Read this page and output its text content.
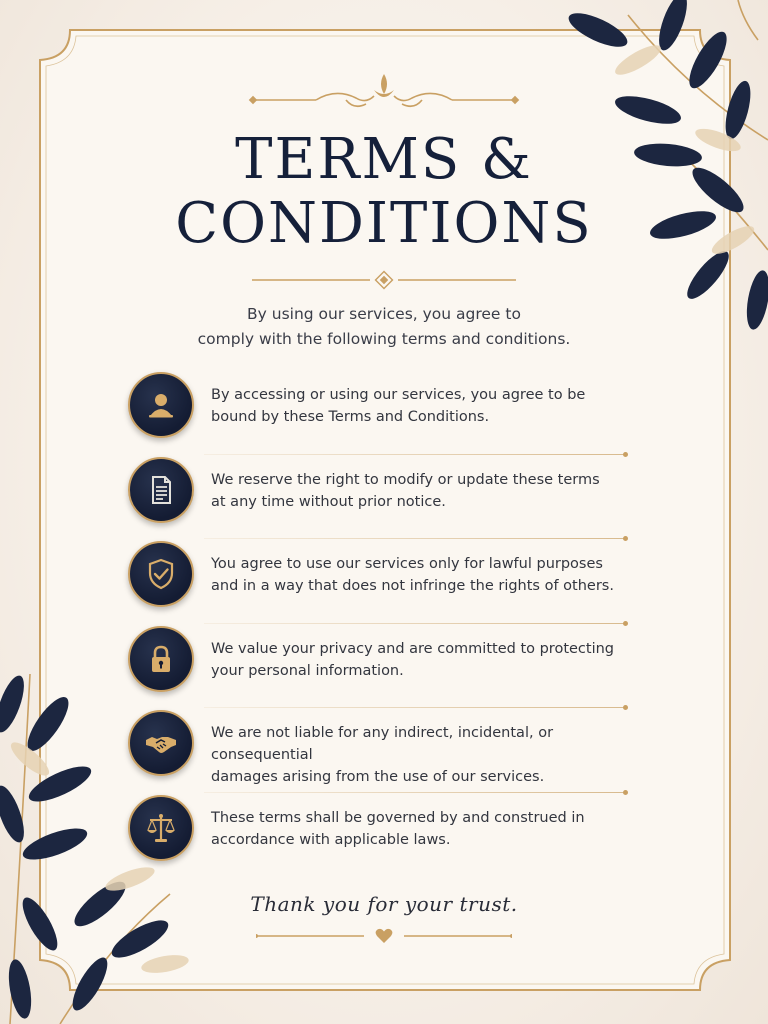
TERMS &
CONDITIONS
By using our services, you agree to
comply with the following terms and conditions.
By accessing or using our services, you agree to be
bound by these Terms and Conditions.
We reserve the right to modify or update these terms
at any time without prior notice.
You agree to use our services only for lawful purposes
and in a way that does not infringe the rights of others.
We value your privacy and are committed to protecting
your personal information.
We are not liable for any indirect, incidental, or consequential
damages arising from the use of our services.
These terms shall be governed by and construed in
accordance with applicable laws.
Thank you for your trust.
